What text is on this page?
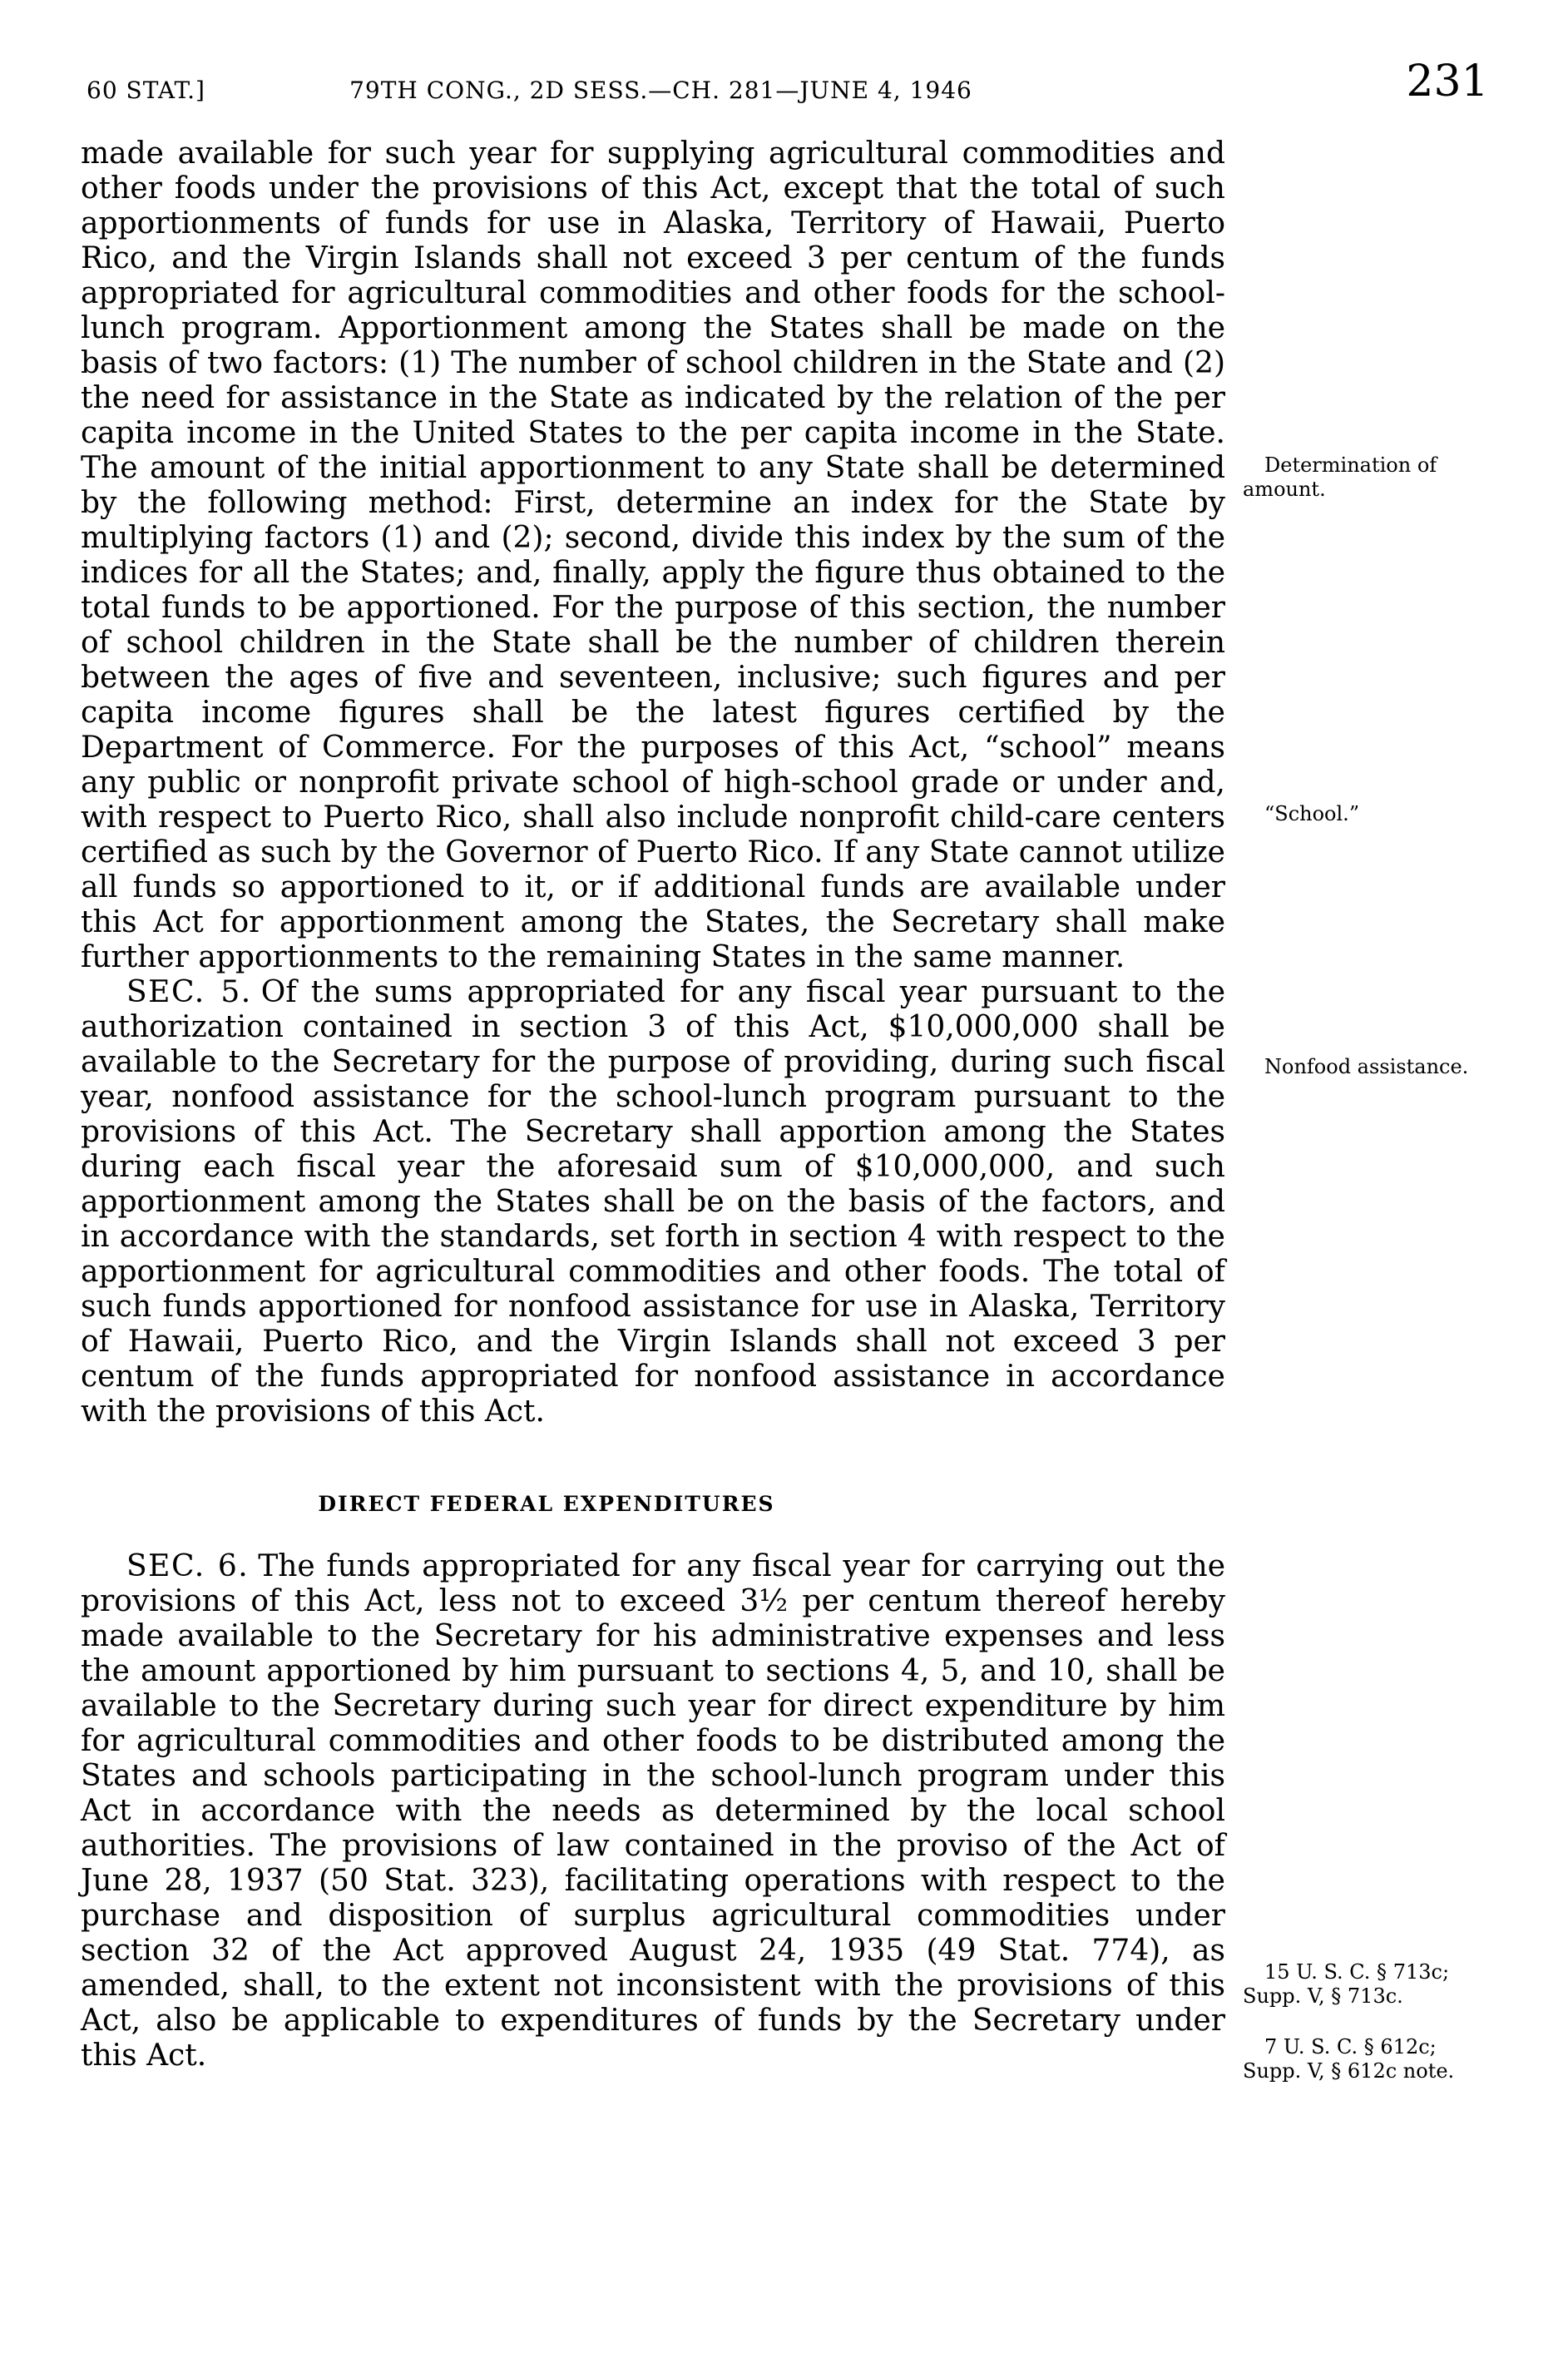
60 STAT.]	79TH CONG., 2D SESS.—CH. 281—JUNE 4, 1946	231

made available for such year for supplying agricultural commodities and other foods under the provisions of this Act, except that the total of such apportionments of funds for use in Alaska, Territory of Hawaii, Puerto Rico, and the Virgin Islands shall not exceed 3 per centum of the funds appropriated for agricultural commodities and other foods for the school-lunch program. Apportionment among the States shall be made on the basis of two factors: (1) The number of school children in the State and (2) the need for assistance in the State as indicated by the relation of the per capita income in the United States to the per capita income in the State. The amount of the initial apportionment to any State shall be determined by the following method: First, determine an index for the State by multiplying factors (1) and (2); second, divide this index by the sum of the indices for all the States; and, finally, apply the figure thus obtained to the total funds to be apportioned. For the purpose of this section, the number of school children in the State shall be the number of children therein between the ages of five and seventeen, inclusive; such figures and per capita income figures shall be the latest figures certified by the Department of Commerce. For the purposes of this Act, “school” means any public or nonprofit private school of high-school grade or under and, with respect to Puerto Rico, shall also include nonprofit child-care centers certified as such by the Governor of Puerto Rico. If any State cannot utilize all funds so apportioned to it, or if additional funds are available under this Act for apportionment among the States, the Secretary shall make further apportionments to the remaining States in the same manner.

SEC. 5. Of the sums appropriated for any fiscal year pursuant to the authorization contained in section 3 of this Act, $10,000,000 shall be available to the Secretary for the purpose of providing, during such fiscal year, nonfood assistance for the school-lunch program pursuant to the provisions of this Act. The Secretary shall apportion among the States during each fiscal year the aforesaid sum of $10,000,000, and such apportionment among the States shall be on the basis of the factors, and in accordance with the standards, set forth in section 4 with respect to the apportionment for agricultural commodities and other foods. The total of such funds apportioned for nonfood assistance for use in Alaska, Territory of Hawaii, Puerto Rico, and the Virgin Islands shall not exceed 3 per centum of the funds appropriated for nonfood assistance in accordance with the provisions of this Act.

DIRECT FEDERAL EXPENDITURES

SEC. 6. The funds appropriated for any fiscal year for carrying out the provisions of this Act, less not to exceed 3½ per centum thereof hereby made available to the Secretary for his administrative expenses and less the amount apportioned by him pursuant to sections 4, 5, and 10, shall be available to the Secretary during such year for direct expenditure by him for agricultural commodities and other foods to be distributed among the States and schools participating in the school-lunch program under this Act in accordance with the needs as determined by the local school authorities. The provisions of law contained in the proviso of the Act of June 28, 1937 (50 Stat. 323), facilitating operations with respect to the purchase and disposition of surplus agricultural commodities under section 32 of the Act approved August 24, 1935 (49 Stat. 774), as amended, shall, to the extent not inconsistent with the provisions of this Act, also be applicable to expenditures of funds by the Secretary under this Act.

Determination of
amount.
“School.”
Nonfood assistance.
15 U. S. C. § 713c;
Supp. V, § 713c.
7 U. S. C. § 612c;
Supp. V, § 612c note.
